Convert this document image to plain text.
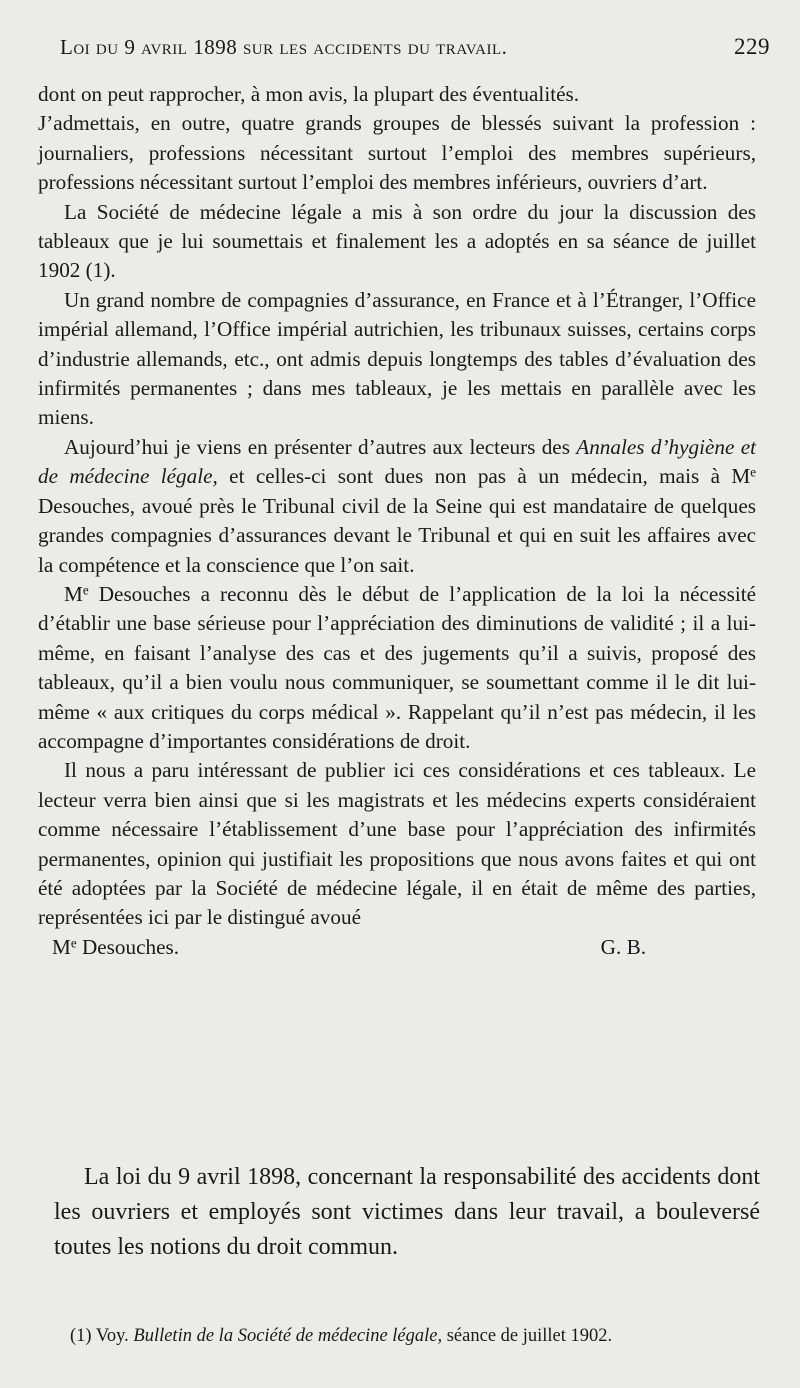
Loi du 9 avril 1898 sur les accidents du travail.	229

dont on peut rapprocher, à mon avis, la plupart des éventualités.

J’admettais, en outre, quatre grands groupes de blessés suivant la profession : journaliers, professions nécessitant surtout l’emploi des membres supérieurs, professions nécessitant surtout l’emploi des membres inférieurs, ouvriers d’art.

La Société de médecine légale a mis à son ordre du jour la discussion des tableaux que je lui soumettais et finalement les a adoptés en sa séance de juillet 1902 (1).

Un grand nombre de compagnies d’assurance, en France et à l’Étranger, l’Office impérial allemand, l’Office impérial autrichien, les tribunaux suisses, certains corps d’industrie allemands, etc., ont admis depuis longtemps des tables d’évaluation des infirmités permanentes ; dans mes tableaux, je les mettais en parallèle avec les miens.

Aujourd’hui je viens en présenter d’autres aux lecteurs des Annales d’hygiène et de médecine légale, et celles-ci sont dues non pas à un médecin, mais à Me Desouches, avoué près le Tribunal civil de la Seine qui est mandataire de quelques grandes compagnies d’assurances devant le Tribunal et qui en suit les affaires avec la compétence et la conscience que l’on sait.

Me Desouches a reconnu dès le début de l’application de la loi la nécessité d’établir une base sérieuse pour l’appréciation des diminutions de validité ; il a lui-même, en faisant l’analyse des cas et des jugements qu’il a suivis, proposé des tableaux, qu’il a bien voulu nous communiquer, se soumettant comme il le dit lui-même « aux critiques du corps médical ». Rappelant qu’il n’est pas médecin, il les accompagne d’importantes considérations de droit.

Il nous a paru intéressant de publier ici ces considérations et ces tableaux. Le lecteur verra bien ainsi que si les magistrats et les médecins experts considéraient comme nécessaire l’établissement d’une base pour l’appréciation des infirmités permanentes, opinion qui justifiait les propositions que nous avons faites et qui ont été adoptées par la Société de médecine légale, il en était de même des parties, représentées ici par le distingué avoué

Me Desouches.	G. B.

La loi du 9 avril 1898, concernant la responsabilité des accidents dont les ouvriers et employés sont victimes dans leur travail, a bouleversé toutes les notions du droit commun.

(1) Voy. Bulletin de la Société de médecine légale, séance de juillet 1902.
